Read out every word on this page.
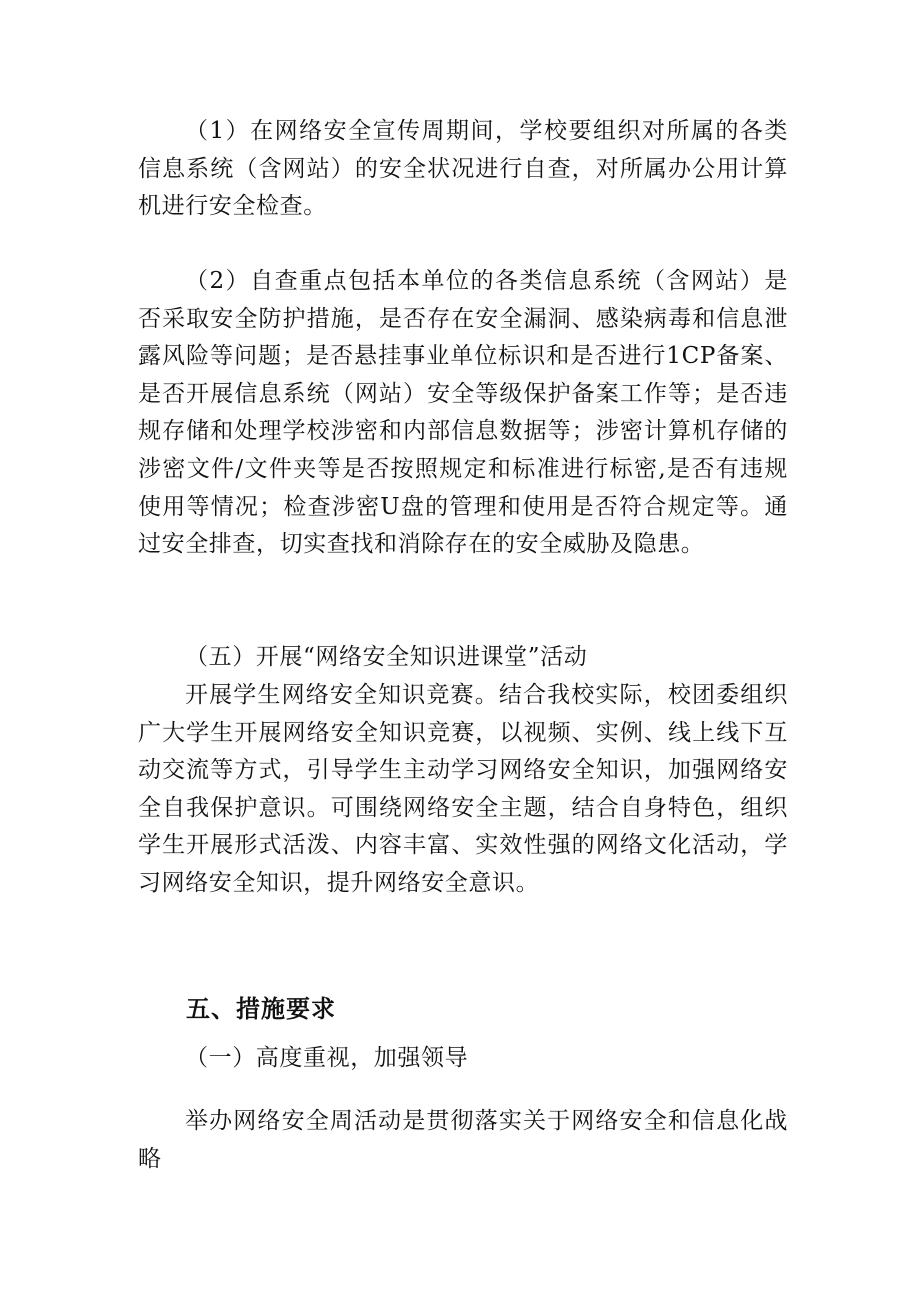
（1）在网络安全宣传周期间，学校要组织对所属的各类信息系统（含网站）的安全状况进行自查，对所属办公用计算机进行安全检查。

（2）自查重点包括本单位的各类信息系统（含网站）是否采取安全防护措施，是否存在安全漏洞、感染病毒和信息泄露风险等问题；是否悬挂事业单位标识和是否进行1CP备案、是否开展信息系统（网站）安全等级保护备案工作等；是否违规存储和处理学校涉密和内部信息数据等；涉密计算机存储的涉密文件/文件夹等是否按照规定和标准进行标密,是否有违规使用等情况；检查涉密U盘的管理和使用是否符合规定等。通过安全排查，切实查找和消除存在的安全威胁及隐患。

（五）开展“网络安全知识进课堂”活动

开展学生网络安全知识竞赛。结合我校实际，校团委组织广大学生开展网络安全知识竞赛，以视频、实例、线上线下互动交流等方式，引导学生主动学习网络安全知识，加强网络安全自我保护意识。可围绕网络安全主题，结合自身特色，组织学生开展形式活泼、内容丰富、实效性强的网络文化活动，学习网络安全知识，提升网络安全意识。

五、措施要求

（一）高度重视，加强领导

举办网络安全周活动是贯彻落实关于网络安全和信息化战略
